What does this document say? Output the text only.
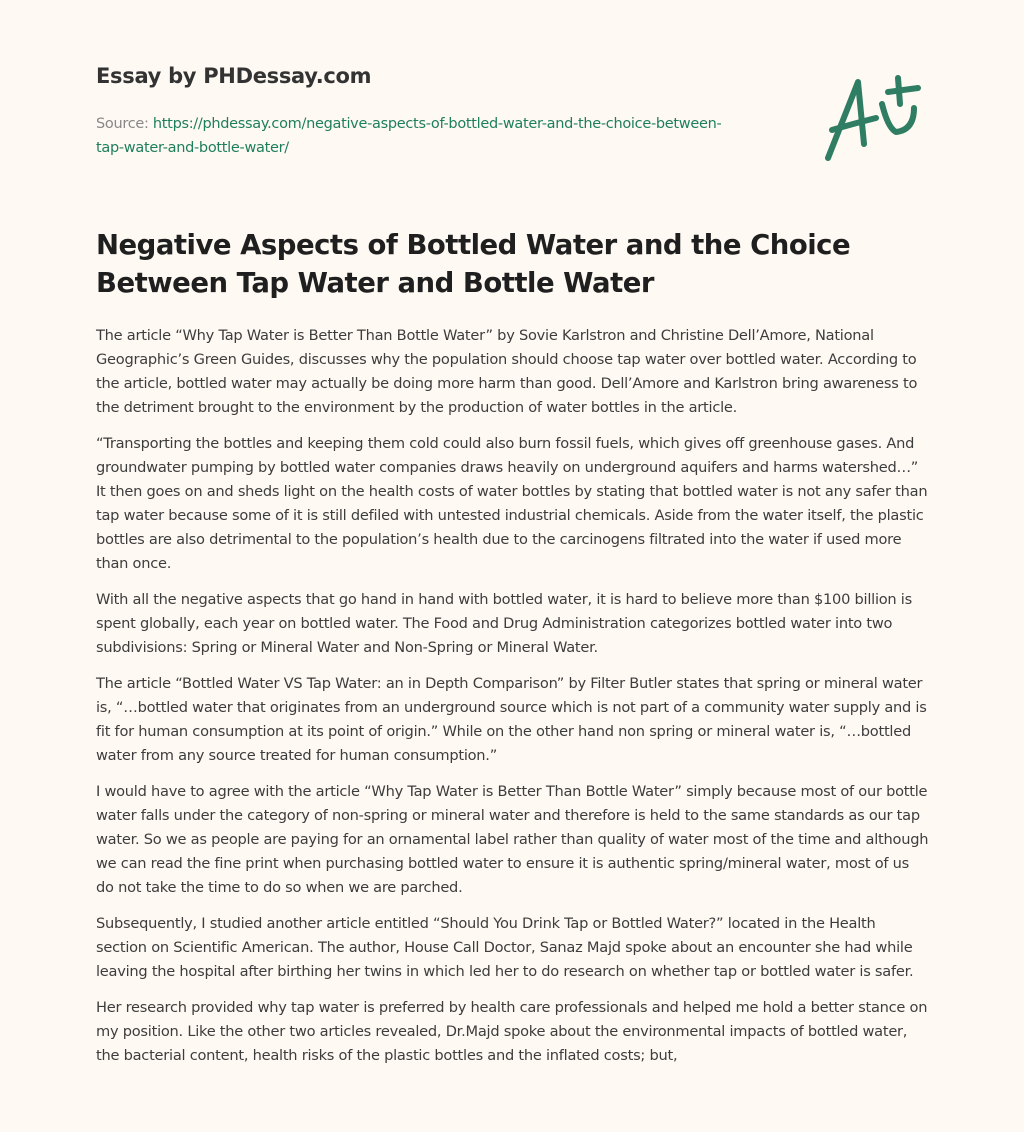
Essay by PHDessay.com
Source: https://phdessay.com/negative-aspects-of-bottled-water-and-the-choice-between-tap-water-and-bottle-water/
Negative Aspects of Bottled Water and the Choice Between Tap Water and Bottle Water

The article “Why Tap Water is Better Than Bottle Water” by Sovie Karlstron and Christine Dell’Amore, National Geographic’s Green Guides, discusses why the population should choose tap water over bottled water. According to the article, bottled water may actually be doing more harm than good. Dell’Amore and Karlstron bring awareness to the detriment brought to the environment by the production of water bottles in the article.

“Transporting the bottles and keeping them cold could also burn fossil fuels, which gives off greenhouse gases. And groundwater pumping by bottled water companies draws heavily on underground aquifers and harms watershed…” It then goes on and sheds light on the health costs of water bottles by stating that bottled water is not any safer than tap water because some of it is still defiled with untested industrial chemicals. Aside from the water itself, the plastic bottles are also detrimental to the population’s health due to the carcinogens filtrated into the water if used more than once.

With all the negative aspects that go hand in hand with bottled water, it is hard to believe more than $100 billion is spent globally, each year on bottled water. The Food and Drug Administration categorizes bottled water into two subdivisions: Spring or Mineral Water and Non-Spring or Mineral Water.

The article “Bottled Water VS Tap Water: an in Depth Comparison” by Filter Butler states that spring or mineral water is, “…bottled water that originates from an underground source which is not part of a community water supply and is fit for human consumption at its point of origin.” While on the other hand non spring or mineral water is, “…bottled water from any source treated for human consumption.”

I would have to agree with the article “Why Tap Water is Better Than Bottle Water” simply because most of our bottle water falls under the category of non-spring or mineral water and therefore is held to the same standards as our tap water. So we as people are paying for an ornamental label rather than quality of water most of the time and although we can read the fine print when purchasing bottled water to ensure it is authentic spring/mineral water, most of us do not take the time to do so when we are parched.

Subsequently, I studied another article entitled “Should You Drink Tap or Bottled Water?” located in the Health section on Scientific American. The author, House Call Doctor, Sanaz Majd spoke about an encounter she had while leaving the hospital after birthing her twins in which led her to do research on whether tap or bottled water is safer.

Her research provided why tap water is preferred by health care professionals and helped me hold a better stance on my position. Like the other two articles revealed, Dr.Majd spoke about the environmental impacts of bottled water, the bacterial content, health risks of the plastic bottles and the inflated costs; but,
